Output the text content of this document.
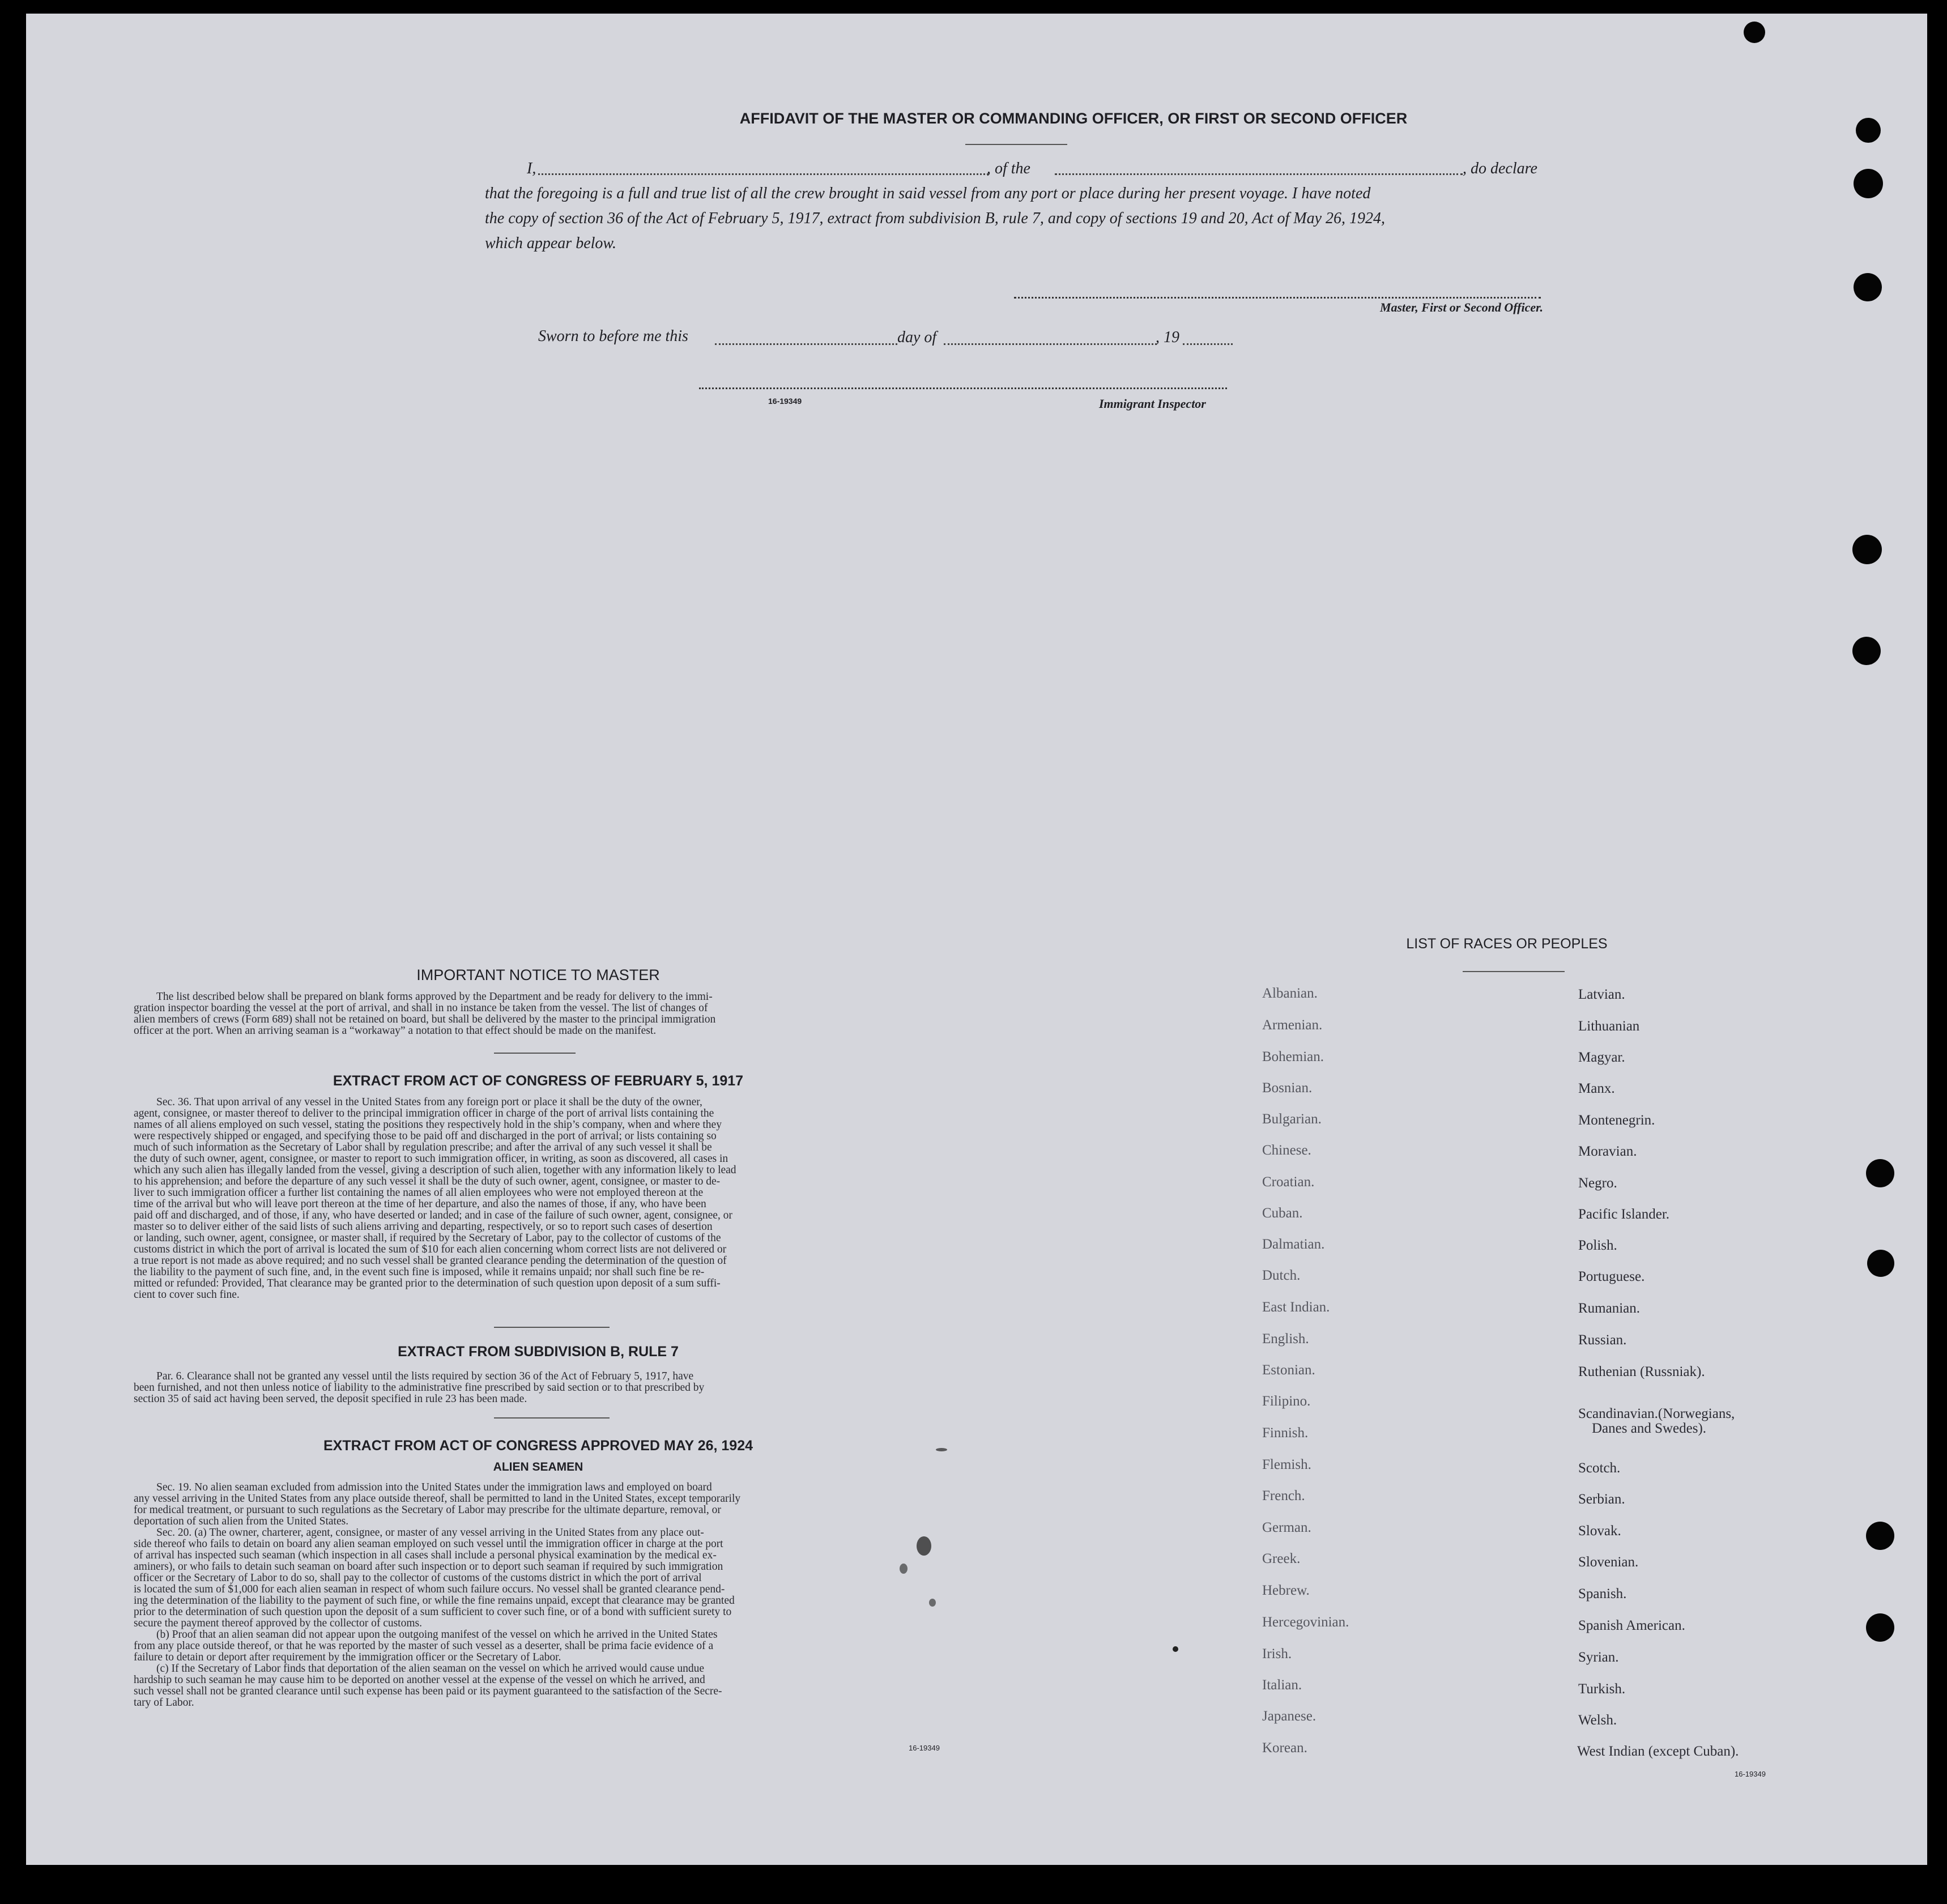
AFFIDAVIT OF THE MASTER OR COMMANDING OFFICER, OR FIRST OR SECOND OFFICER
I,	, of the	, do declare
that the foregoing is a full and true list of all the crew brought in said vessel from any port or place during her present voyage. I have noted
the copy of section 36 of the Act of February 5, 1917, extract from subdivision B, rule 7, and copy of sections 19 and 20, Act of May 26, 1924,
which appear below.
Master, First or Second Officer.
Sworn to before me this	day of	, 19
16-19349	Immigrant Inspector
IMPORTANT NOTICE TO MASTER
The list described below shall be prepared on blank forms approved by the Department and be ready for delivery to the immi-
gration inspector boarding the vessel at the port of arrival, and shall in no instance be taken from the vessel. The list of changes of
alien members of crews (Form 689) shall not be retained on board, but shall be delivered by the master to the principal immigration
officer at the port. When an arriving seaman is a “workaway” a notation to that effect should be made on the manifest.
EXTRACT FROM ACT OF CONGRESS OF FEBRUARY 5, 1917
Sec. 36. That upon arrival of any vessel in the United States from any foreign port or place it shall be the duty of the owner,
agent, consignee, or master thereof to deliver to the principal immigration officer in charge of the port of arrival lists containing the
names of all aliens employed on such vessel, stating the positions they respectively hold in the ship’s company, when and where they
were respectively shipped or engaged, and specifying those to be paid off and discharged in the port of arrival; or lists containing so
much of such information as the Secretary of Labor shall by regulation prescribe; and after the arrival of any such vessel it shall be
the duty of such owner, agent, consignee, or master to report to such immigration officer, in writing, as soon as discovered, all cases in
which any such alien has illegally landed from the vessel, giving a description of such alien, together with any information likely to lead
to his apprehension; and before the departure of any such vessel it shall be the duty of such owner, agent, consignee, or master to de-
liver to such immigration officer a further list containing the names of all alien employees who were not employed thereon at the
time of the arrival but who will leave port thereon at the time of her departure, and also the names of those, if any, who have been
paid off and discharged, and of those, if any, who have deserted or landed; and in case of the failure of such owner, agent, consignee, or
master so to deliver either of the said lists of such aliens arriving and departing, respectively, or so to report such cases of desertion
or landing, such owner, agent, consignee, or master shall, if required by the Secretary of Labor, pay to the collector of customs of the
customs district in which the port of arrival is located the sum of $10 for each alien concerning whom correct lists are not delivered or
a true report is not made as above required; and no such vessel shall be granted clearance pending the determination of the question of
the liability to the payment of such fine, and, in the event such fine is imposed, while it remains unpaid; nor shall such fine be re-
mitted or refunded: Provided, That clearance may be granted prior to the determination of such question upon deposit of a sum suffi-
cient to cover such fine.
EXTRACT FROM SUBDIVISION B, RULE 7
Par. 6. Clearance shall not be granted any vessel until the lists required by section 36 of the Act of February 5, 1917, have
been furnished, and not then unless notice of liability to the administrative fine prescribed by said section or to that prescribed by
section 35 of said act having been served, the deposit specified in rule 23 has been made.
EXTRACT FROM ACT OF CONGRESS APPROVED MAY 26, 1924
ALIEN SEAMEN
Sec. 19. No alien seaman excluded from admission into the United States under the immigration laws and employed on board
any vessel arriving in the United States from any place outside thereof, shall be permitted to land in the United States, except temporarily
for medical treatment, or pursuant to such regulations as the Secretary of Labor may prescribe for the ultimate departure, removal, or
deportation of such alien from the United States.
Sec. 20. (a) The owner, charterer, agent, consignee, or master of any vessel arriving in the United States from any place out-
side thereof who fails to detain on board any alien seaman employed on such vessel until the immigration officer in charge at the port
of arrival has inspected such seaman (which inspection in all cases shall include a personal physical examination by the medical ex-
aminers), or who fails to detain such seaman on board after such inspection or to deport such seaman if required by such immigration
officer or the Secretary of Labor to do so, shall pay to the collector of customs of the customs district in which the port of arrival
is located the sum of $1,000 for each alien seaman in respect of whom such failure occurs. No vessel shall be granted clearance pend-
ing the determination of the liability to the payment of such fine, or while the fine remains unpaid, except that clearance may be granted
prior to the determination of such question upon the deposit of a sum sufficient to cover such fine, or of a bond with sufficient surety to
secure the payment thereof approved by the collector of customs.
(b) Proof that an alien seaman did not appear upon the outgoing manifest of the vessel on which he arrived in the United States
from any place outside thereof, or that he was reported by the master of such vessel as a deserter, shall be prima facie evidence of a
failure to detain or deport after requirement by the immigration officer or the Secretary of Labor.
(c) If the Secretary of Labor finds that deportation of the alien seaman on the vessel on which he arrived would cause undue
hardship to such seaman he may cause him to be deported on another vessel at the expense of the vessel on which he arrived, and
such vessel shall not be granted clearance until such expense has been paid or its payment guaranteed to the satisfaction of the Secre-
tary of Labor.
16-19349
LIST OF RACES OR PEOPLES
Albanian.
Armenian.
Bohemian.
Bosnian.
Bulgarian.
Chinese.
Croatian.
Cuban.
Dalmatian.
Dutch.
East Indian.
English.
Estonian.
Filipino.
Finnish.
Flemish.
French.
German.
Greek.
Hebrew.
Hercegovinian.
Irish.
Italian.
Japanese.
Korean.
Latvian.
Lithuanian
Magyar.
Manx.
Montenegrin.
Moravian.
Negro.
Pacific Islander.
Polish.
Portuguese.
Rumanian.
Russian.
Ruthenian (Russniak).
Scandinavian.(Norwegians,
Danes and Swedes).
Scotch.
Serbian.
Slovak.
Slovenian.
Spanish.
Spanish American.
Syrian.
Turkish.
Welsh.
West Indian (except Cuban).
16-19349
